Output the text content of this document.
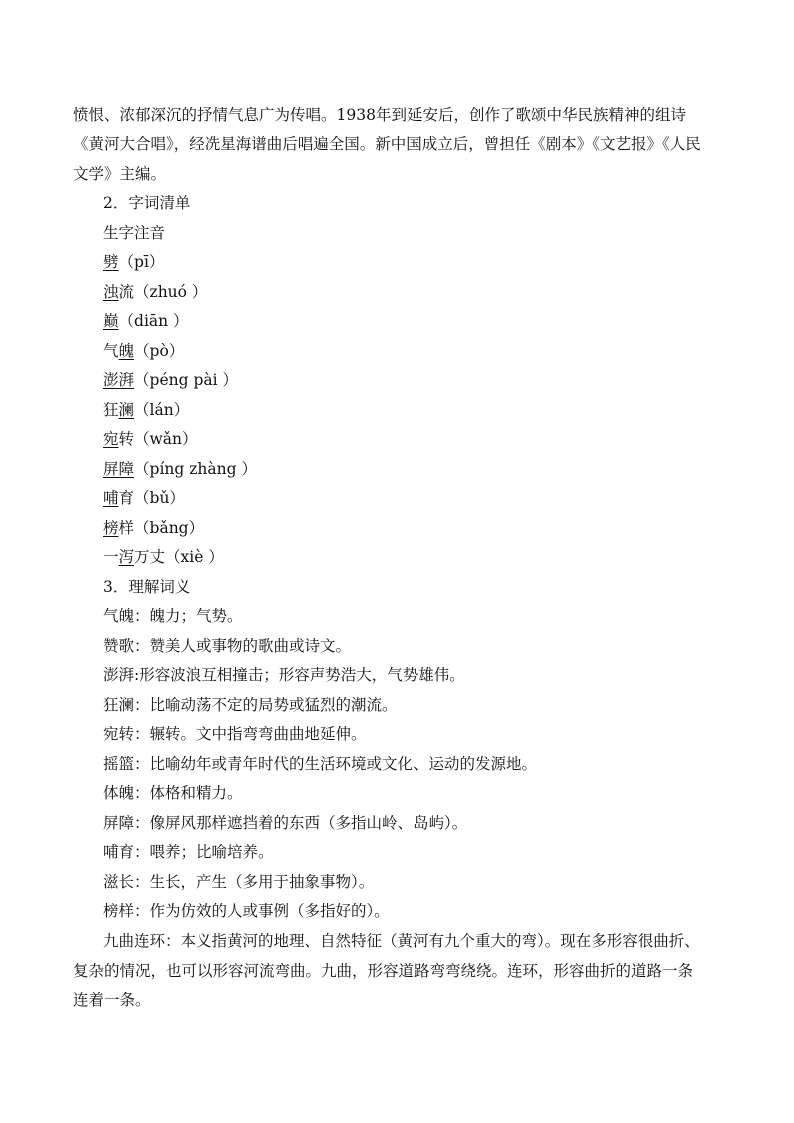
愤恨、浓郁深沉的抒情气息广为传唱。1938年到延安后，创作了歌颂中华民族精神的组诗
《黄河大合唱》，经冼星海谱曲后唱遍全国。新中国成立后，曾担任《剧本》《文艺报》《人民
文学》主编。
2．字词清单
生字注音
劈（pī）
浊流（zhuó ）
巅（diān ）
气魄（pò）
澎湃（péng pài ）
狂澜（lán）
宛转（wǎn）
屏障（píng zhàng ）
哺育（bǔ）
榜样（bǎng）
一泻万丈（xiè ）
3．理解词义
气魄：魄力；气势。
赞歌：赞美人或事物的歌曲或诗文。
澎湃:形容波浪互相撞击；形容声势浩大，气势雄伟。
狂澜：比喻动荡不定的局势或猛烈的潮流。
宛转：辗转。文中指弯弯曲曲地延伸。
摇篮：比喻幼年或青年时代的生活环境或文化、运动的发源地。
体魄：体格和精力。
屏障：像屏风那样遮挡着的东西（多指山岭、岛屿）。
哺育：喂养；比喻培养。
滋长：生长，产生（多用于抽象事物）。
榜样：作为仿效的人或事例（多指好的）。
九曲连环：本义指黄河的地理、自然特征（黄河有九个重大的弯）。现在多形容很曲折、
复杂的情况，也可以形容河流弯曲。九曲，形容道路弯弯绕绕。连环，形容曲折的道路一条
连着一条。
